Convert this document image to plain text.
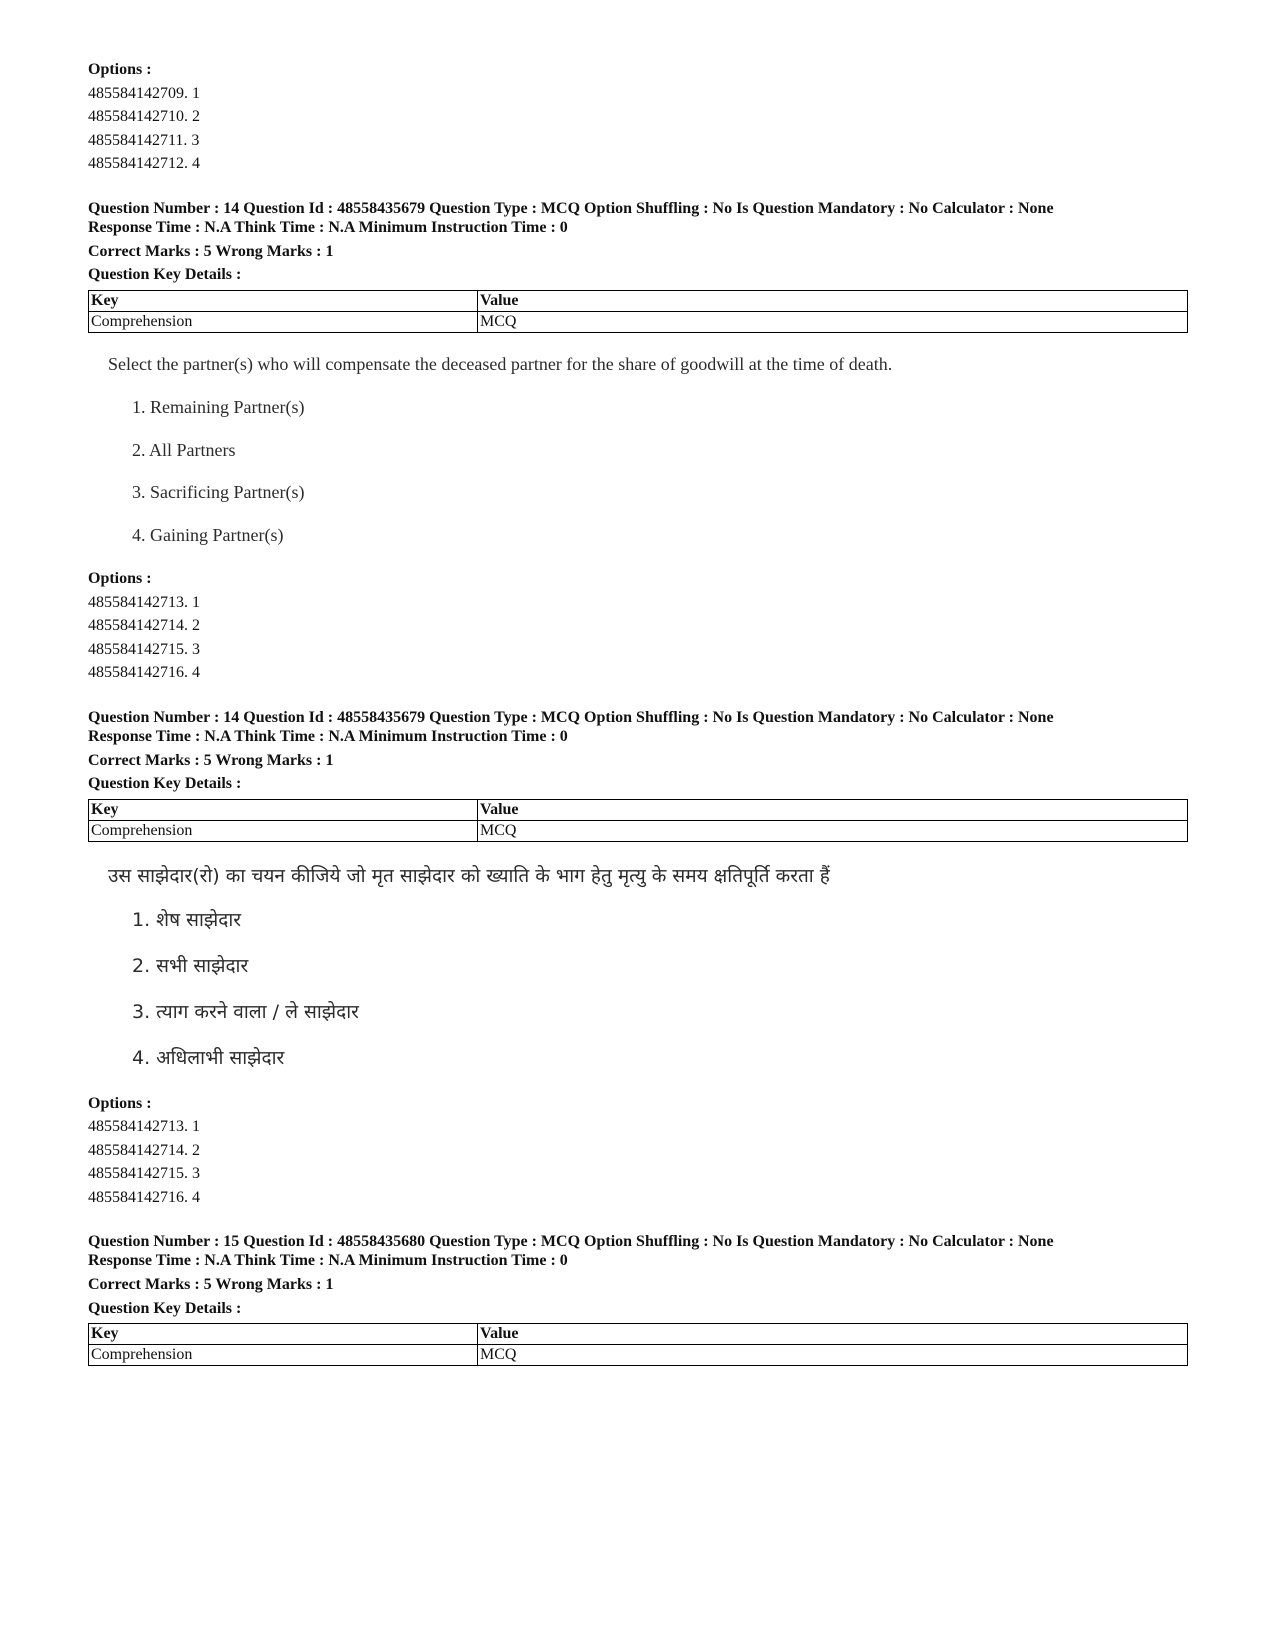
Options :
485584142709. 1
485584142710. 2
485584142711. 3
485584142712. 4
Question Number : 14 Question Id : 48558435679 Question Type : MCQ Option Shuffling : No Is Question Mandatory : No Calculator : None
Response Time : N.A Think Time : N.A Minimum Instruction Time : 0
Correct Marks : 5 Wrong Marks : 1
Question Key Details :
Key	Value
Comprehension	MCQ
Select the partner(s) who will compensate the deceased partner for the share of goodwill at the time of death.
1. Remaining Partner(s)
2. All Partners
3. Sacrificing Partner(s)
4. Gaining Partner(s)
Options :
485584142713. 1
485584142714. 2
485584142715. 3
485584142716. 4
Question Number : 14 Question Id : 48558435679 Question Type : MCQ Option Shuffling : No Is Question Mandatory : No Calculator : None
Response Time : N.A Think Time : N.A Minimum Instruction Time : 0
Correct Marks : 5 Wrong Marks : 1
Question Key Details :
Key	Value
Comprehension	MCQ
उस साझेदार(रो) का चयन कीजिये जो मृत साझेदार को ख्याति के भाग हेतु मृत्यु के समय क्षतिपूर्ति करता हैं
1. शेष साझेदार
2. सभी साझेदार
3. त्याग करने वाला / ले साझेदार
4. अधिलाभी साझेदार
Options :
485584142713. 1
485584142714. 2
485584142715. 3
485584142716. 4
Question Number : 15 Question Id : 48558435680 Question Type : MCQ Option Shuffling : No Is Question Mandatory : No Calculator : None
Response Time : N.A Think Time : N.A Minimum Instruction Time : 0
Correct Marks : 5 Wrong Marks : 1
Question Key Details :
Key	Value
Comprehension	MCQ
